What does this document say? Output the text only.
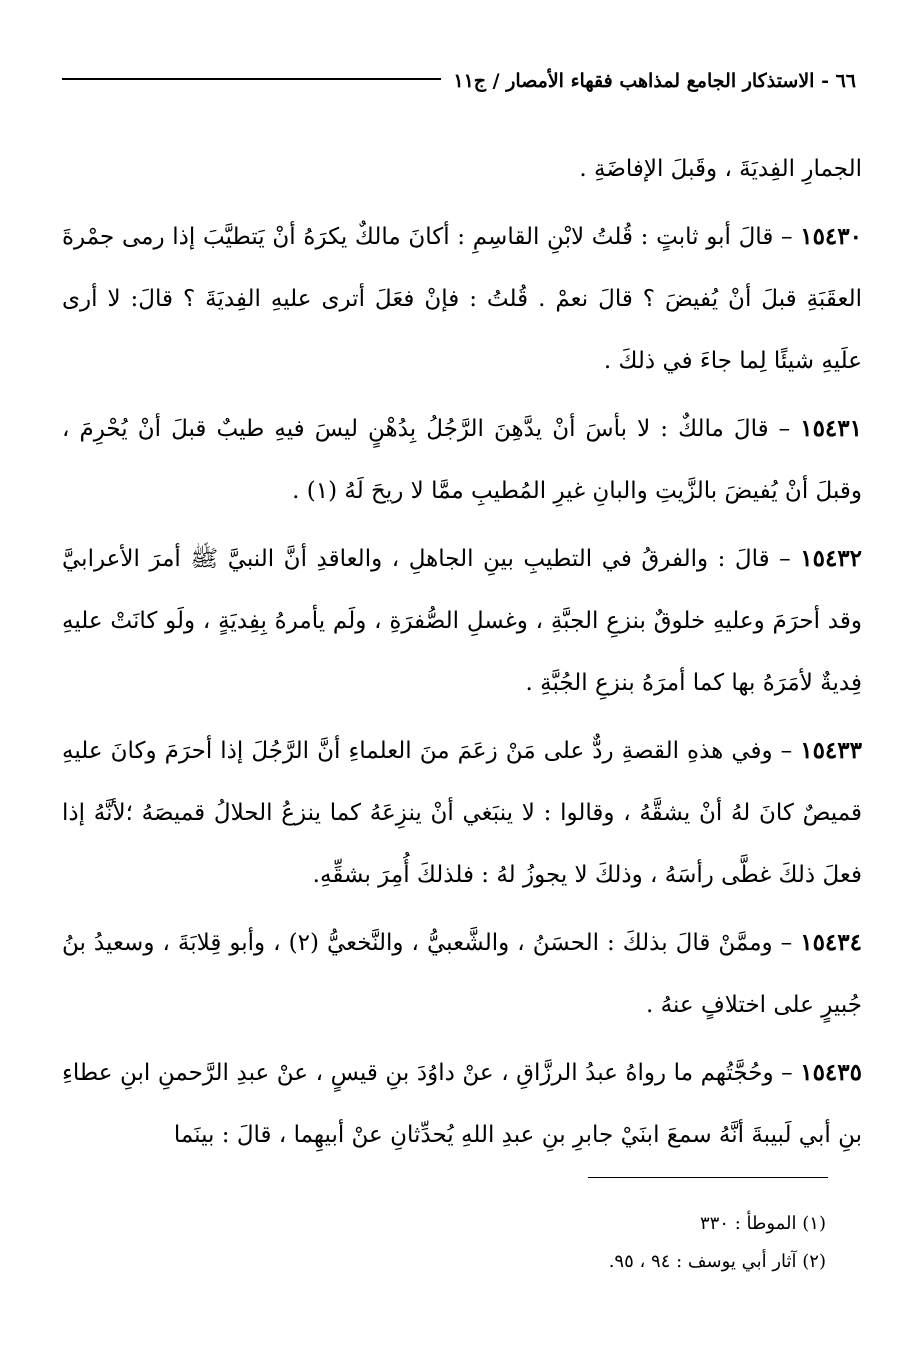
٦٦ - الاستذكار الجامع لمذاهب فقهاء الأمصار / ج١١

الجمارِ الفِديَةَ ، وقَبلَ الإفاضَةِ .

١٥٤٣٠ – قالَ أبو ثابتٍ : قُلتُ لابْنِ القاسِمِ : أكانَ مالكٌ يكرَهُ أنْ يَتطيَّبَ إذا رمى جمْرةَ العقَبَةِ قبلَ أنْ يُفيضَ ؟ قالَ نعمْ . قُلتُ : فإنْ فعَلَ أترى عليهِ الفِديَةَ ؟ قالَ: لا أرى علَيهِ شيئًا لِما جاءَ في ذلكَ .

١٥٤٣١ – قالَ مالكٌ : لا بأسَ أنْ يدَّهِنَ الرَّجُلُ بِدُهْنٍ ليسَ فيهِ طيبٌ قبلَ أنْ يُحْرِمَ ، وقبلَ أنْ يُفيضَ بالزَّيتِ والبانِ غيرِ المُطيبِ ممَّا لا ريحَ لَهُ (١) .

١٥٤٣٢ – قالَ : والفرقُ في التطيبِ بينِ الجاهلِ ، والعاقدِ أنَّ النبيَّ ﷺ أمرَ الأعرابيَّ وقد أحرَمَ وعليهِ خلوقٌ بنزعِ الجبَّةِ ، وغسلِ الصُّفرَةِ ، ولَم يأمرهُ بِفِديَةٍ ، ولَو كانَتْ عليهِ فِديةٌ لأمَرَهُ بها كما أمرَهُ بنزعِ الجُبَّةِ .

١٥٤٣٣ – وفي هذهِ القصةِ ردٌّ على مَنْ زعَمَ منَ العلماءِ أنَّ الرَّجُلَ إذا أحرَمَ وكانَ عليهِ قميصٌ كانَ لهُ أنْ يشقَّهُ ، وقالوا : لا ينبَغي أنْ ينزِعَهُ كما ينزعُ الحلالُ قميصَهُ ؛لأنَّهُ إذا فعلَ ذلكَ غطَّى رأسَهُ ، وذلكَ لا يجوزُ لهُ : فلذلكَ أُمِرَ بشقِّهِ.

١٥٤٣٤ – وممَّنْ قالَ بذلكَ : الحسَنُ ، والشَّعبيُّ ، والنَّخعيُّ (٢) ، وأبو قِلابَةَ ، وسعيدُ بنُ جُبيرٍ على اختلافٍ عنهُ .

١٥٤٣٥ – وحُجَّتُهم ما رواهُ عبدُ الرزَّاقِ ، عنْ داوُدَ بنِ قيسٍ ، عنْ عبدِ الرَّحمنِ ابنِ عطاءِ بنِ أبي لَبيبةَ أنَّهُ سمعَ ابنَيْ جابرِ بنِ عبدِ اللهِ يُحدِّثانِ عنْ أبيهِما ، قالَ : بينَما

(١) الموطأ : ٣٣٠

(٢) آثار أبي يوسف : ٩٤ ، ٩٥.
